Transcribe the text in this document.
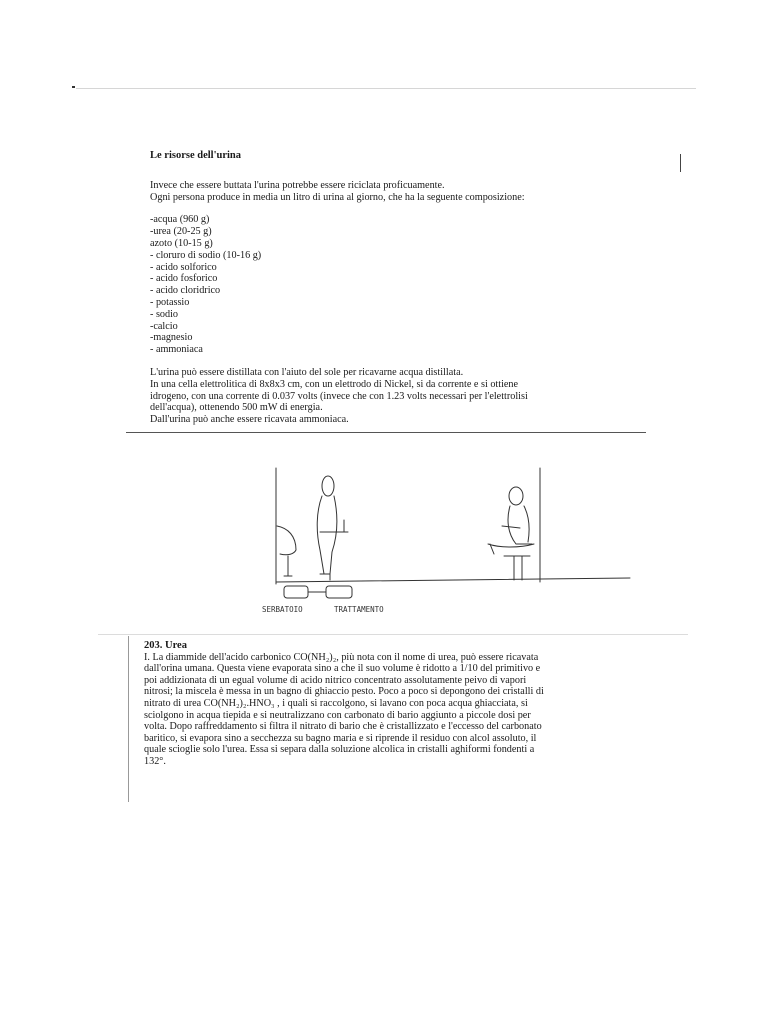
Le risorse dell'urina

Invece che essere buttata l'urina potrebbe essere riciclata proficuamente.

Ogni persona produce in media un litro di urina al giorno, che ha la seguente composizione:

-acqua (960 g)
-urea (20-25 g)
azoto (10-15 g)
- cloruro di sodio (10-16 g)
- acido solforico
- acido fosforico
- acido cloridrico
- potassio
- sodio
-calcio
-magnesio
- ammoniaca

L'urina può essere distillata con l'aiuto del sole per ricavarne acqua distillata.

In una cella elettrolitica di 8x8x3 cm, con un elettrodo di Nickel, si da corrente e si ottiene

idrogeno, con una corrente di 0.037 volts (invece che con 1.23 volts necessari per l'elettrolisi

dell'acqua), ottenendo 500 mW di energia.

Dall'urina può anche essere ricavata ammoniaca.

SERBATOIO	TRATTAMENTO

203. Urea

I. La diammide dell'acido carbonico CO(NH₂)₂, più nota con il nome di urea, può essere ricavata

dall'orina umana. Questa viene evaporata sino a che il suo volume è ridotto a 1/10 del primitivo e

poi addizionata di un egual volume di acido nitrico concentrato assolutamente peivo di vapori

nitrosi; la miscela è messa in un bagno di ghiaccio pesto. Poco a poco si depongono dei cristalli di

nitrato di urea CO(NH₂)₂.HNO₃ , i quali si raccolgono, si lavano con poca acqua ghiacciata, si

sciolgono in acqua tiepida e si neutralizzano con carbonato di bario aggiunto a piccole dosi per

volta. Dopo raffreddamento si filtra il nitrato di bario che è cristallizzato e l'eccesso del carbonato

baritico, si evapora sino a secchezza su bagno maria e si riprende il residuo con alcol assoluto, il

quale scioglie solo l'urea. Essa si separa dalla soluzione alcolica in cristalli aghiformi fondenti a

132°.
